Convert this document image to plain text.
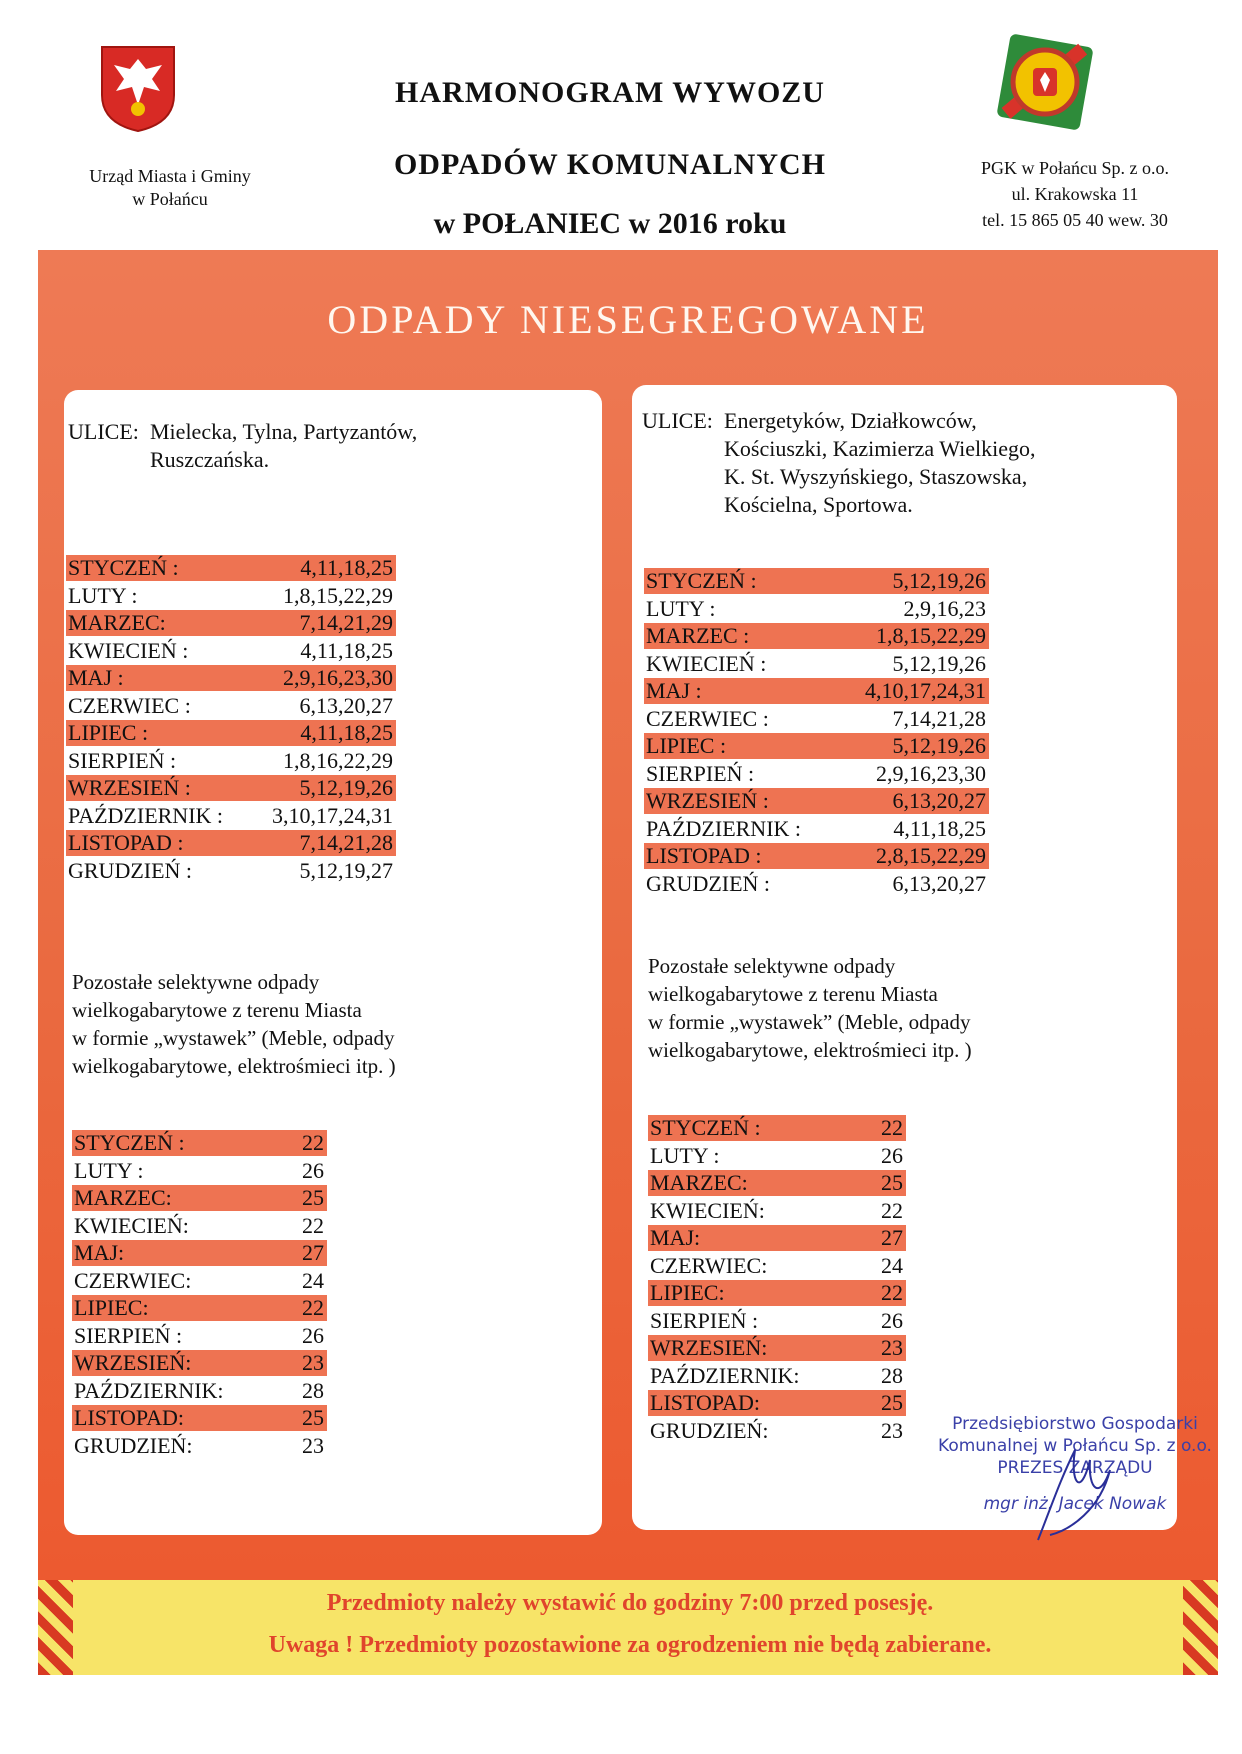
Urząd Miasta i Gminy
w Połańcu
HARMONOGRAM WYWOZU
ODPADÓW KOMUNALNYCH
w POŁANIEC w 2016 roku
PGK w Połańcu Sp. z o.o.
ul. Krakowska 11
tel. 15 865 05 40 wew. 30
ODPADY NIESEGREGOWANE
ULICE: Mielecka, Tylna, Partyzantów,
Ruszczańska.
ULICE: Energetyków, Działkowców,
Kościuszki, Kazimierza Wielkiego,
K. St. Wyszyńskiego, Staszowska,
Kościelna, Sportowa.
STYCZEŃ :	4,11,18,25
LUTY :	1,8,15,22,29
MARZEC:	7,14,21,29
KWIECIEŃ :	4,11,18,25
MAJ :	2,9,16,23,30
CZERWIEC :	6,13,20,27
LIPIEC :	4,11,18,25
SIERPIEŃ :	1,8,16,22,29
WRZESIEŃ :	5,12,19,26
PAŹDZIERNIK : 3,10,17,24,31
LISTOPAD :	7,14,21,28
GRUDZIEŃ :	5,12,19,27
STYCZEŃ :	5,12,19,26
LUTY :	2,9,16,23
MARZEC :	1,8,15,22,29
KWIECIEŃ :	5,12,19,26
MAJ :	4,10,17,24,31
CZERWIEC :	7,14,21,28
LIPIEC :	5,12,19,26
SIERPIEŃ :	2,9,16,23,30
WRZESIEŃ :	6,13,20,27
PAŹDZIERNIK :	4,11,18,25
LISTOPAD :	2,8,15,22,29
GRUDZIEŃ :	6,13,20,27
Pozostałe selektywne odpady
wielkogabarytowe z terenu Miasta
w formie „wystawek” (Meble, odpady
wielkogabarytowe, elektrośmieci itp. )
Pozostałe selektywne odpady
wielkogabarytowe z terenu Miasta
w formie „wystawek” (Meble, odpady
wielkogabarytowe, elektrośmieci itp. )
STYCZEŃ :	22
LUTY :	26
MARZEC:	25
KWIECIEŃ:	22
MAJ:	27
CZERWIEC:	24
LIPIEC:	22
SIERPIEŃ :	26
WRZESIEŃ:	23
PAŹDZIERNIK:	28
LISTOPAD:	25
GRUDZIEŃ:	23
STYCZEŃ :	22
LUTY :	26
MARZEC:	25
KWIECIEŃ:	22
MAJ:	27
CZERWIEC:	24
LIPIEC:	22
SIERPIEŃ :	26
WRZESIEŃ:	23
PAŹDZIERNIK:	28
LISTOPAD:	25
GRUDZIEŃ:	23	Przedsiębiorstwo Gospodarki
Komunalnej w Połańcu Sp. z o.o.
PREZES ZARZĄDU
mgr inż. Jacek Nowak
Przedmioty należy wystawić do godziny 7:00 przed posesję.
Uwaga ! Przedmioty pozostawione za ogrodzeniem nie będą zabierane.
